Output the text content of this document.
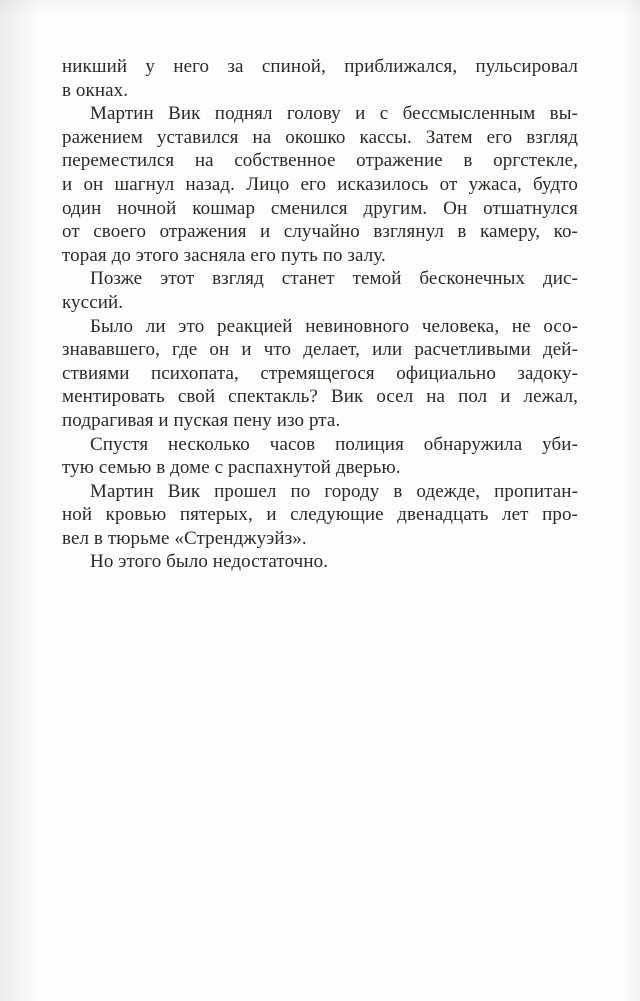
никший у него за спиной, приближался, пульсировал
в окнах.

Мартин Вик поднял голову и с бессмысленным вы-
ражением уставился на окошко кассы. Затем его взгляд
переместился на собственное отражение в оргстекле,
и он шагнул назад. Лицо его исказилось от ужаса, будто
один ночной кошмар сменился другим. Он отшатнулся
от своего отражения и случайно взглянул в камеру, ко-
торая до этого засняла его путь по залу.

Позже этот взгляд станет темой бесконечных дис-
куссий.

Было ли это реакцией невиновного человека, не осо-
знававшего, где он и что делает, или расчетливыми дей-
ствиями психопата, стремящегося официально задоку-
ментировать свой спектакль? Вик осел на пол и лежал,
подрагивая и пуская пену изо рта.

Спустя несколько часов полиция обнаружила уби-
тую семью в доме с распахнутой дверью.

Мартин Вик прошел по городу в одежде, пропитан-
ной кровью пятерых, и следующие двенадцать лет про-
вел в тюрьме «Стренджуэйз».

Но этого было недостаточно.
